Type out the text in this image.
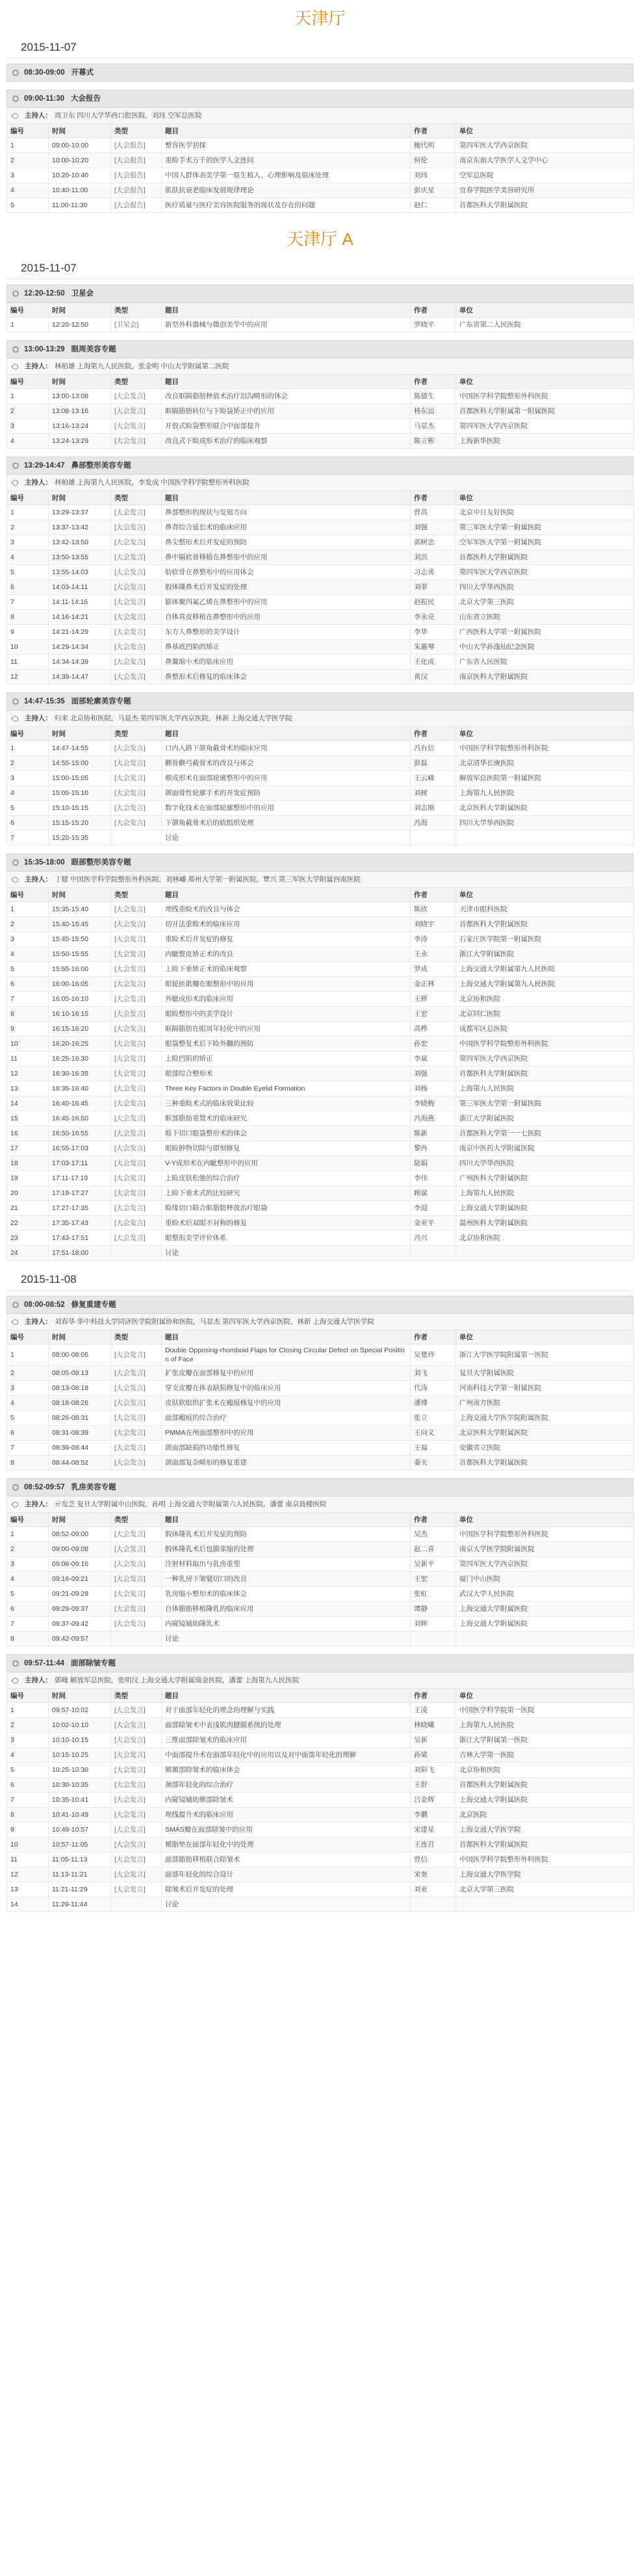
天津厅
2015-11-07
08:30-09:00 开幕式
09:00-11:30 大会报告
主持人： 周卫东 四川大学华西口腔医院，刘玮 空军总医院
编号	时间	类型	题目	作者	单位
1	09:00-10:00	[大会报告]	整容医学初探	鲍代明	第四军医大学西京医院
2	10:00-10:20	[大会报告]	重睑手术万千的医学人文连问	何伦	南京东南大学医学人文学中心
3	10:20-10:40	[大会报告]	中国人群体表美学第一原生植入、心理影响及临床处理	刘玮	空军总医院
4	10:40-11:00	[大会报告]	肌肤抗衰老临床发展规律理论	彭庆星	宜春学院医学美容研究所
5	11:00-11:30	[大会报告]	医疗质量与医疗美容医院服务的现状及存在的问题	赵仁	首都医科大学附属医院
天津厅 A
2015-11-07
12:20-12:50 卫星会
编号	时间	类型	题目	作者	单位
1	12:20-12:50	[卫星会]	新型外科器械与微创美学中的应用	罗晓平	广东省第二人民医院
13:00-13:29 眼周美容专题
主持人： 林柏雄 上海第九人民医院，张金明 中山大学附属第二医院
编号	时间	类型	题目	作者	单位
1	13:00-13:08	[大会发言]	改良眶隔脂肪释放术治疗泪沟畸形的体会	陈德生	中国医学科学院整形外科医院
2	13:08-13:16	[大会发言]	眶隔脂肪转位与下睑袋矫正中的应用	杨东运	首都医科大学附属第一附属医院
3	13:16-13:24	[大会发言]	开放式睑袋整形联合中面部提升	马显杰	第四军医大学西京医院
4	13:24-13:29	[大会发言]	改良式下睑成形术治疗的临床观察	陈立彬	上海新华医院
13:29-14:47 鼻部整形美容专题
主持人： 林柏雄 上海第九人民医院，李发成 中国医学科学院整形外科医院
编号	时间	类型	题目	作者	单位
1	13:29-13:37	[大会发言]	鼻部整形的现状与发展方向	曾高	北京中日友好医院
2	13:37-13:42	[大会发言]	鼻背综合延长术的临床应用	刘强	第三军医大学第一附属医院
3	13:42-13:50	[大会发言]	鼻尖整形术后并发症的预防	郭树忠	空军军医大学第一附属医院
4	13:50-13:55	[大会发言]	鼻中隔软骨移植在鼻整形中的应用	刘洪	首都医科大学附属医院
5	13:55-14:03	[大会发言]	肋软骨在鼻整形中的应用体会	习志勇	第四军医大学西京医院
6	14:03-14:11	[大会发言]	假体隆鼻术后并发症的处理	刘菲	四川大学华西医院
7	14:11-14:16	[大会发言]	膨体聚四氟乙烯在鼻整形中的应用	赵振民	北京大学第三医院
8	14:16-14:21	[大会发言]	自体真皮移植在鼻整形中的应用	李永亮	山东省立医院
9	14:21-14:29	[大会发言]	东方人鼻整形的美学设计	李华	广西医科大学第一附属医院
10	14:29-14:34	[大会发言]	鼻基底凹陷的矫正	朱惠琴	中山大学孙逸仙纪念医院
11	14:34-14:39	[大会发言]	鼻翼缩小术的临床应用	王化成	广东省人民医院
12	14:39-14:47	[大会发言]	鼻整形术后修复的临床体会	黄汉	南京医科大学附属医院
14:47-15:35 面部轮廓美容专题
主持人： 归来 北京协和医院，马显杰 第四军医大学西京医院，林新 上海交通大学医学院
编号	时间	类型	题目	作者	单位
1	14:47-14:55	[大会发言]	口内入路下颌角截骨术的临床应用	冯有信	中国医学科学院整形外科医院
2	14:55-15:00	[大会发言]	颧骨颧弓截骨术的改良与体会	彭磊	北京清华长庚医院
3	15:00-15:05	[大会发言]	颏成形术在面部轮廓整形中的应用	王云峰	解放军总医院第一附属医院
4	15:05-15:10	[大会发言]	颌面骨性轮廓手术的并发症预防	刘树	上海第九人民医院
5	15:10-15:15	[大会发言]	数字化技术在面部轮廓整形中的应用	刘志刚	北京医科大学附属医院
6	15:15-15:20	[大会发言]	下颌角截骨术后的软组织处理	冯海	四川大学华西医院
7	15:20-15:35		讨论		
15:35-18:00 眼部整形美容专题
主持人： 丁健 中国医学科学院整形外科医院，刘林嶓 郑州大学第一附属医院，覃兴 第三军医大学附属西南医院
编号	时间	类型	题目	作者	单位
1	15:35-15:40	[大会发言]	埋线重睑术的改良与体会	陈欣	天津市眼科医院
2	15:40-15:45	[大会发言]	切开法重睑术的临床应用	刘晓宇	首都医科大学附属医院
3	15:45-15:50	[大会发言]	重睑术后并发症的修复	李涛	石家庄医学院第一附属医院
4	15:50-15:55	[大会发言]	内眦赘皮矫正术的改良	王永	浙江大学附属医院
5	15:55-16:00	[大会发言]	上睑下垂矫正术的临床观察	罗成	上海交通大学附属第九人民医院
6	16:00-16:05	[大会发言]	眼轮匝肌瓣在眼整形中的应用	金正林	上海交通大学附属第九人民医院
7	16:05-16:10	[大会发言]	外眦成形术的临床应用	王辉	北京协和医院
8	16:10-16:15	[大会发言]	眼睑整形中的美学设计	王宏	北京同仁医院
9	16:15-16:20	[大会发言]	眶隔脂肪在眼周年轻化中的应用	高桦	成都军区总医院
10	16:20-16:25	[大会发言]	眼袋整复术后下睑外翻的预防	孙宏	中国医学科学院整形外科医院
11	16:25-16:30	[大会发言]	上睑凹陷的矫正	李斌	第四军医大学西京医院
12	16:30-16:35	[大会发言]	眼部综合整形术	刘强	首都医科大学附属医院
13	16:35-16:40	[大会发言]	Three Key Factors in Double Eyelid Formation	刘杨	上海第九人民医院
14	16:40-16:45	[大会发言]	三种重睑术式的临床效果比较	李晓梅	第三军医大学第一附属医院
15	16:45-16:50	[大会发言]	眶部脂肪重置术的临床研究	冯海燕	浙江大学附属医院
16	16:50-16:55	[大会发言]	睑下切口眼袋整形术的体会	陈新	首都医科大学第一一七医院
17	16:55-17:03	[大会发言]	眼睑肿物切除与即刻修复	黎冉	南京中医药大学附属医院
18	17:03-17:11	[大会发言]	V-Y成形术在内眦整形中的应用	陆娟	四川大学华西医院
19	17:11-17:19	[大会发言]	上睑皮肤松弛的综合治疗	李伟	广州医科大学附属医院
20	17:19-17:27	[大会发言]	上睑下垂术式的比较研究	顾斌	上海第九人民医院
21	17:27-17:35	[大会发言]	睑缘切口联合眶脂肪释放治疗眼袋	李迎	上海交通大学附属医院
22	17:35-17:43	[大会发言]	重睑术后双眼不对称的修复	金亚平	温州医科大学附属医院
23	17:43-17:51	[大会发言]	眼整形美学评价体系	冯兴	北京协和医院
24	17:51-18:00		讨论		
2015-11-08
08:00-08:52 修复重建专题
主持人： 刘春华 华中科技大学同济医学院附属协和医院，马显杰 第四军医大学西京医院，林新 上海交通大学医学院
编号	时间	类型	题目	作者	单位
1	08:00-08:05	[大会发言]	Double Opposing-rhomboid Flaps for Closing Circular Defect on Special Position of Face	吴楚玲	浙江大学医学院附属第一医院
2	08:05-08:13	[大会发言]	扩张皮瓣在面部修复中的应用	刘飞	复旦大学附属医院
3	08:13-08:18	[大会发言]	穿支皮瓣在体表缺损修复中的临床应用	代涛	河南科技大学第一附属医院
4	08:18-08:26	[大会发言]	皮肤软组织扩张术在瘢痕修复中的应用	潘博	广州南方医院
5	08:26-08:31	[大会发言]	面部瘢痕的综合治疗	张立	上海交通大学医学院附属医院
6	08:31-08:39	[大会发言]	PMMA在颅面部整形中的应用	王向义	北京医科大学附属医院
7	08:39-08:44	[大会发言]	颌面部缺损的功能性修复	王福	安徽省立医院
8	08:44-08:52	[大会发言]	颌面部复杂畸形的修复重建	秦天	首都医科大学附属医院
08:52-09:57 乳房美容专题
主持人： 亓发芝 复旦大学附属中山医院，孙明 上海交通大学附属第六人民医院，潘蕾 南京鼓楼医院
编号	时间	类型	题目	作者	单位
1	08:52-09:00	[大会发言]	假体隆乳术后并发症的预防	吴杰	中国医学科学院整形外科医院
2	09:00-09:08	[大会发言]	假体隆乳术后包膜挛缩的处理	赵二喜	南京大学医学院附属医院
3	09:08-09:16	[大会发言]	注射材料取出与乳房重塑	吴新平	第四军医大学西京医院
4	09:16-09:21	[大会发言]	一种乳房下皱襞切口的改良	王宏	厦门中山医院
5	09:21-09:29	[大会发言]	乳房缩小整形术的临床体会	张虹	武汉大学人民医院
6	09:29-09:37	[大会发言]	自体脂肪移植隆乳的临床应用	谭静	上海交通大学附属医院
7	09:37-09:42	[大会发言]	内窥镜辅助隆乳术	刘辉	上海交通大学附属医院
8	09:42-09:57		讨论		
09:57-11:44 面部除皱专题
主持人： 郭峰 解放军总医院，张明汉 上海交通大学附属瑞金医院，潘蕾 上海第九人民医院
编号	时间	类型	题目	作者	单位
1	09:57-10:02	[大会发言]	对于面部年轻化的理念的理解与实践	王凌	中国医学科学院第一医院
2	10:02-10:10	[大会发言]	面部除皱术中表浅肌肉腱膜系统的处理	林晓曦	上海第九人民医院
3	10:10-10:15	[大会发言]	三维面部除皱术的临床应用	吴新	浙江大学附属第一医院
4	10:15-10:25	[大会发言]	中面部提升术在面部年轻化中的应用以及对中面部年轻化的理解	孙梁	吉林大学第一医院
5	10:25-10:30	[大会发言]	额颞部除皱术的临床体会	刘彩飞	北京协和医院
6	10:30-10:35	[大会发言]	颈部年轻化的综合治疗	王舒	首都医科大学附属医院
7	10:35-10:41	[大会发言]	内窥镜辅助额部除皱术	吕金辉	上海交通大学附属医院
8	10:41-10:49	[大会发言]	埋线提升术的临床应用	李鹏	北京医院
9	10:49-10:57	[大会发言]	SMAS瓣在面部除皱中的应用	宋建星	上海交通大学医学院
10	10:57-11:05	[大会发言]	颊脂垫在面部年轻化中的处理	王连召	首都医科大学附属医院
11	11:05-11:13	[大会发言]	面部脂肪移植联合除皱术	曾信	中国医学科学院整形外科医院
12	11:13-11:21	[大会发言]	面部年轻化的综合设计	宋奎	上海交通大学医学院
13	11:21-11:29	[大会发言]	除皱术后并发症的处理	刘亚	北京大学第三医院
14	11:29-11:44		讨论		
